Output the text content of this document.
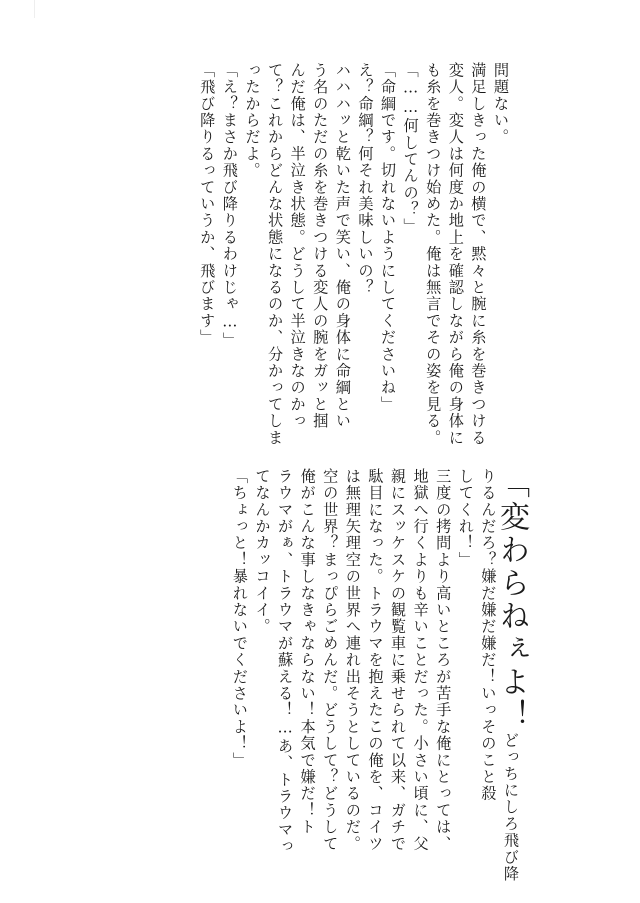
問題ない。
満足しきった俺の横で、黙々と腕に糸を巻きつける
変人。変人は何度か地上を確認しながら俺の身体に
も糸を巻きつけ始めた。俺は無言でその姿を見る。
「……何してんの？」
「命綱です。切れないようにしてくださいね」
え？命綱？何それ美味しいの？
ハハハッと乾いた声で笑い、俺の身体に命綱とい
う名のただの糸を巻きつける変人の腕をガッと掴
んだ俺は、半泣き状態。どうして半泣きなのかっ
て？これからどんな状態になるのか、分かってしま
ったからだよ。
「え？まさか飛び降りるわけじゃ…」
「飛び降りるっていうか、飛びます」
「変わらねぇよ！どっちにしろ飛び降
りるんだろ？嫌だ嫌だ嫌だ！いっそのこと殺
してくれ！」
三度の拷問より高いところが苦手な俺にとっては、
地獄へ行くよりも辛いことだった。小さい頃に、父
親にスッケスケの観覧車に乗せられて以来、ガチで
駄目になった。トラウマを抱えたこの俺を、コイツ
は無理矢理空の世界へ連れ出そうとしているのだ。
空の世界？まっぴらごめんだ。どうして？どうして
俺がこんな事しなきゃならない！本気で嫌だ！ト
ラウマがぁ、トラウマが蘇える！…あ、トラウマっ
てなんかカッコイイ。
「ちょっと！暴れないでくださいよ！」
